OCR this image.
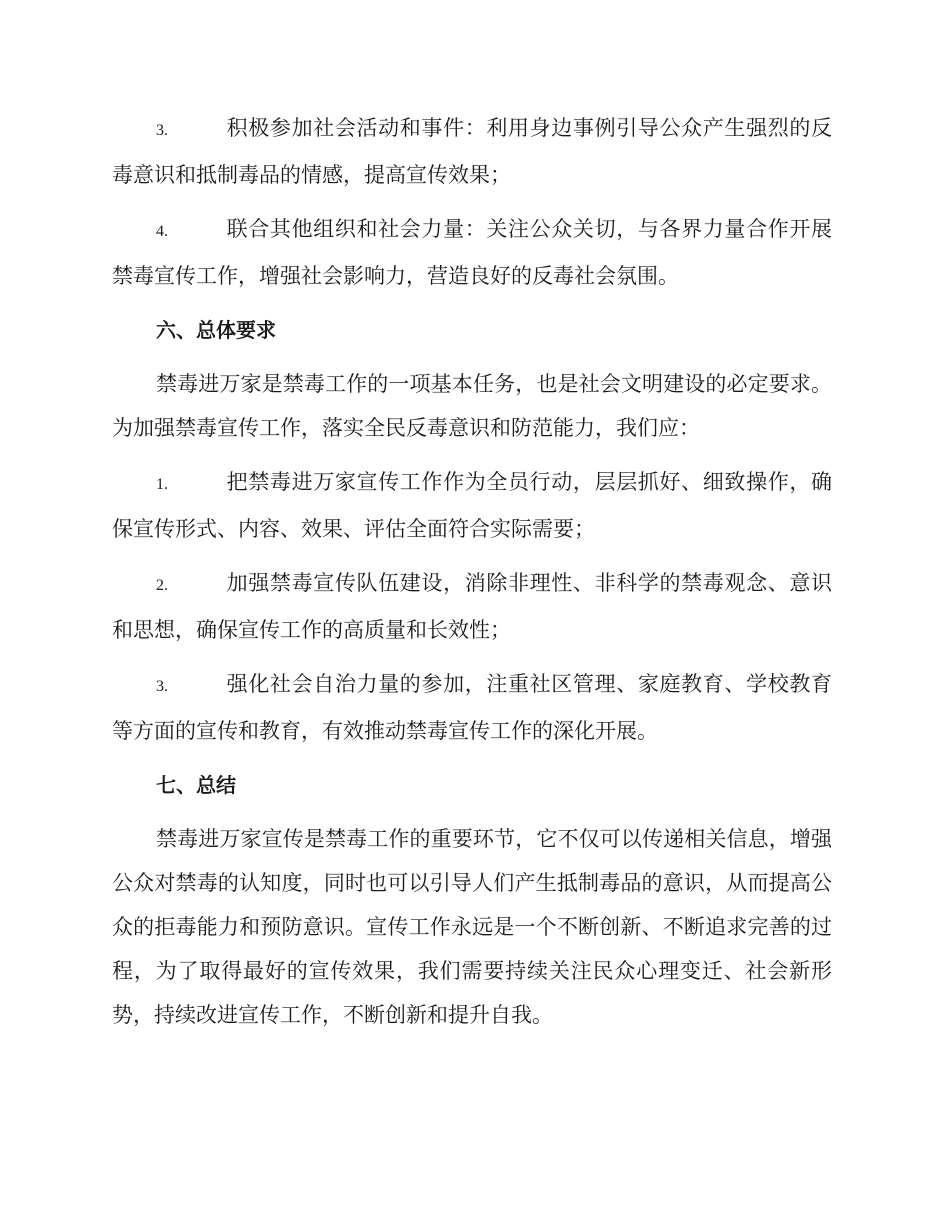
3.	积极参加社会活动和事件：利用身边事例引导公众产生强烈的反毒意识和抵制毒品的情感，提高宣传效果；

4.	联合其他组织和社会力量：关注公众关切，与各界力量合作开展禁毒宣传工作，增强社会影响力，营造良好的反毒社会氛围。

六、总体要求

禁毒进万家是禁毒工作的一项基本任务，也是社会文明建设的必定要求。为加强禁毒宣传工作，落实全民反毒意识和防范能力，我们应：

1.	把禁毒进万家宣传工作作为全员行动，层层抓好、细致操作，确保宣传形式、内容、效果、评估全面符合实际需要；

2.	加强禁毒宣传队伍建设，消除非理性、非科学的禁毒观念、意识和思想，确保宣传工作的高质量和长效性；

3.	强化社会自治力量的参加，注重社区管理、家庭教育、学校教育等方面的宣传和教育，有效推动禁毒宣传工作的深化开展。

七、总结

禁毒进万家宣传是禁毒工作的重要环节，它不仅可以传递相关信息，增强公众对禁毒的认知度，同时也可以引导人们产生抵制毒品的意识，从而提高公众的拒毒能力和预防意识。宣传工作永远是一个不断创新、不断追求完善的过程，为了取得最好的宣传效果，我们需要持续关注民众心理变迁、社会新形势，持续改进宣传工作，不断创新和提升自我。
